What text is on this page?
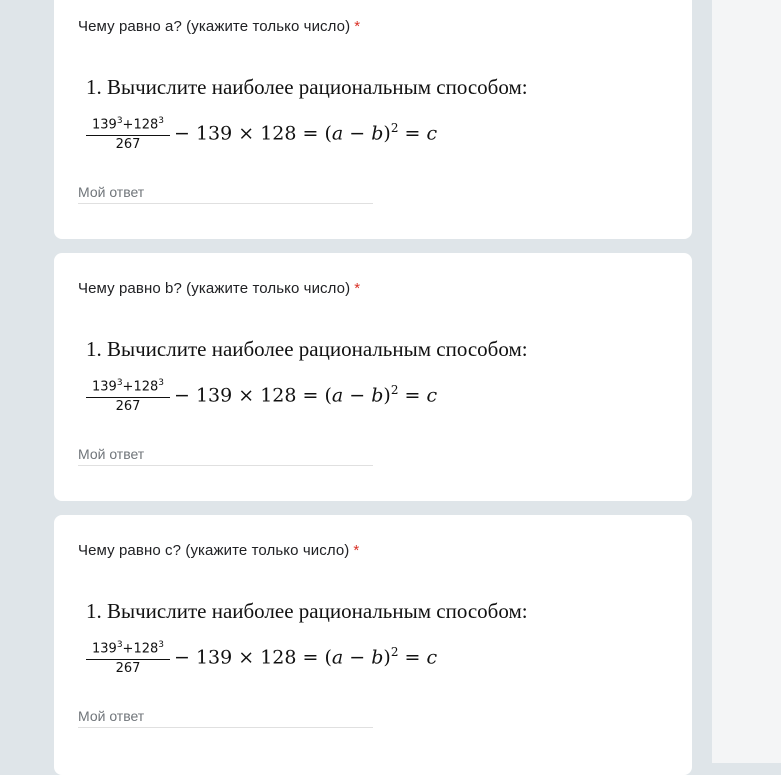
Чему равно a? (укажите только число) *
1. Вычислите наиболее рациональным способом:
$\frac{139^3+128^3}{267} - 139 \times 128 = (a - b)^2 = c$
Мой ответ
Чему равно b? (укажите только число) *
1. Вычислите наиболее рациональным способом:
$\frac{139^3+128^3}{267} - 139 \times 128 = (a - b)^2 = c$
Мой ответ
Чему равно c? (укажите только число) *
1. Вычислите наиболее рациональным способом:
$\frac{139^3+128^3}{267} - 139 \times 128 = (a - b)^2 = c$
Мой ответ
